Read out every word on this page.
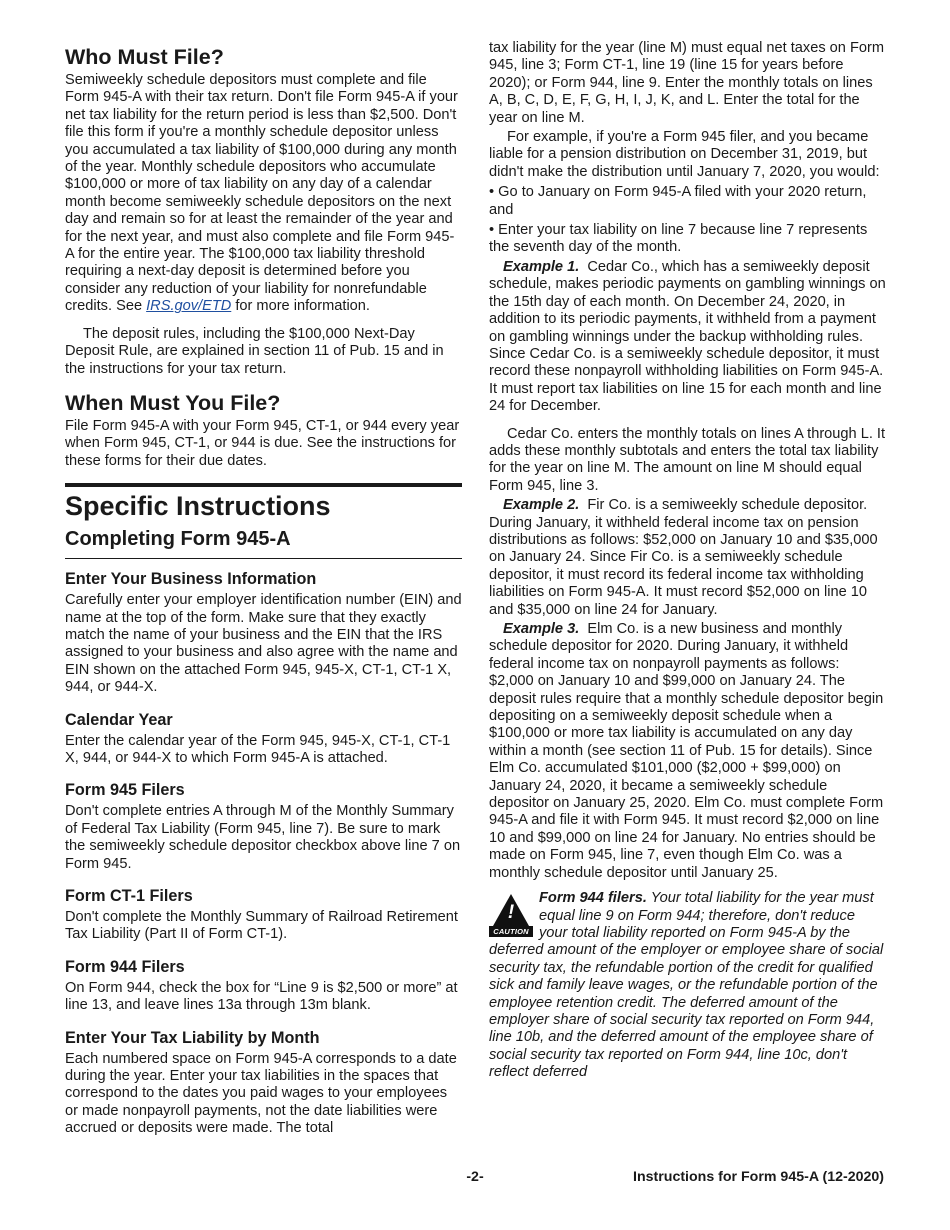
Who Must File?

Semiweekly schedule depositors must complete and file Form 945-A with their tax return. Don't file Form 945-A if your net tax liability for the return period is less than $2,500. Don't file this form if you're a monthly schedule depositor unless you accumulated a tax liability of $100,000 during any month of the year. Monthly schedule depositors who accumulate $100,000 or more of tax liability on any day of a calendar month become semiweekly schedule depositors on the next day and remain so for at least the remainder of the year and for the next year, and must also complete and file Form 945-A for the entire year. The $100,000 tax liability threshold requiring a next-day deposit is determined before you consider any reduction of your liability for nonrefundable credits. See IRS.gov/ETD for more information.

The deposit rules, including the $100,000 Next-Day Deposit Rule, are explained in section 11 of Pub. 15 and in the instructions for your tax return.

When Must You File?

File Form 945-A with your Form 945, CT-1, or 944 every year when Form 945, CT-1, or 944 is due. See the instructions for these forms for their due dates.

Specific Instructions
Completing Form 945-A
Enter Your Business Information

Carefully enter your employer identification number (EIN) and name at the top of the form. Make sure that they exactly match the name of your business and the EIN that the IRS assigned to your business and also agree with the name and EIN shown on the attached Form 945, 945-X, CT-1, CT-1 X, 944, or 944-X.

Calendar Year

Enter the calendar year of the Form 945, 945-X, CT-1, CT-1 X, 944, or 944-X to which Form 945-A is attached.

Form 945 Filers

Don't complete entries A through M of the Monthly Summary of Federal Tax Liability (Form 945, line 7). Be sure to mark the semiweekly schedule depositor checkbox above line 7 on Form 945.

Form CT-1 Filers

Don't complete the Monthly Summary of Railroad Retirement Tax Liability (Part II of Form CT-1).

Form 944 Filers

On Form 944, check the box for “Line 9 is $2,500 or more” at line 13, and leave lines 13a through 13m blank.

Enter Your Tax Liability by Month

Each numbered space on Form 945-A corresponds to a date during the year. Enter your tax liabilities in the spaces that correspond to the dates you paid wages to your employees or made nonpayroll payments, not the date liabilities were accrued or deposits were made. The total

tax liability for the year (line M) must equal net taxes on Form 945, line 3; Form CT-1, line 19 (line 15 for years before 2020); or Form 944, line 9. Enter the monthly totals on lines A, B, C, D, E, F, G, H, I, J, K, and L. Enter the total for the year on line M.

For example, if you're a Form 945 filer, and you became liable for a pension distribution on December 31, 2019, but didn't make the distribution until January 7, 2020, you would:

• Go to January on Form 945-A filed with your 2020 return, and

• Enter your tax liability on line 7 because line 7 represents the seventh day of the month.

Example 1. Cedar Co., which has a semiweekly deposit schedule, makes periodic payments on gambling winnings on the 15th day of each month. On December 24, 2020, in addition to its periodic payments, it withheld from a payment on gambling winnings under the backup withholding rules. Since Cedar Co. is a semiweekly schedule depositor, it must record these nonpayroll withholding liabilities on Form 945-A. It must report tax liabilities on line 15 for each month and line 24 for December.

Cedar Co. enters the monthly totals on lines A through L. It adds these monthly subtotals and enters the total tax liability for the year on line M. The amount on line M should equal Form 945, line 3.

Example 2. Fir Co. is a semiweekly schedule depositor. During January, it withheld federal income tax on pension distributions as follows: $52,000 on January 10 and $35,000 on January 24. Since Fir Co. is a semiweekly schedule depositor, it must record its federal income tax withholding liabilities on Form 945-A. It must record $52,000 on line 10 and $35,000 on line 24 for January.

Example 3. Elm Co. is a new business and monthly schedule depositor for 2020. During January, it withheld federal income tax on nonpayroll payments as follows: $2,000 on January 10 and $99,000 on January 24. The deposit rules require that a monthly schedule depositor begin depositing on a semiweekly deposit schedule when a $100,000 or more tax liability is accumulated on any day within a month (see section 11 of Pub. 15 for details). Since Elm Co. accumulated $101,000 ($2,000 + $99,000) on January 24, 2020, it became a semiweekly schedule depositor on January 25, 2020. Elm Co. must complete Form 945-A and file it with Form 945. It must record $2,000 on line 10 and $99,000 on line 24 for January. No entries should be made on Form 945, line 7, even though Elm Co. was a monthly schedule depositor until January 25.

!
CAUTION
Form 944 filers. Your total liability for the year must equal line 9 on Form 944; therefore, don't reduce your total liability reported on Form 945-A by the deferred amount of the employer or employee share of social security tax, the refundable portion of the credit for qualified sick and family leave wages, or the refundable portion of the employee retention credit. The deferred amount of the employer share of social security tax reported on Form 944, line 10b, and the deferred amount of the employee share of social security tax reported on Form 944, line 10c, don't reflect deferred
-2-	Instructions for Form 945-A (12-2020)
